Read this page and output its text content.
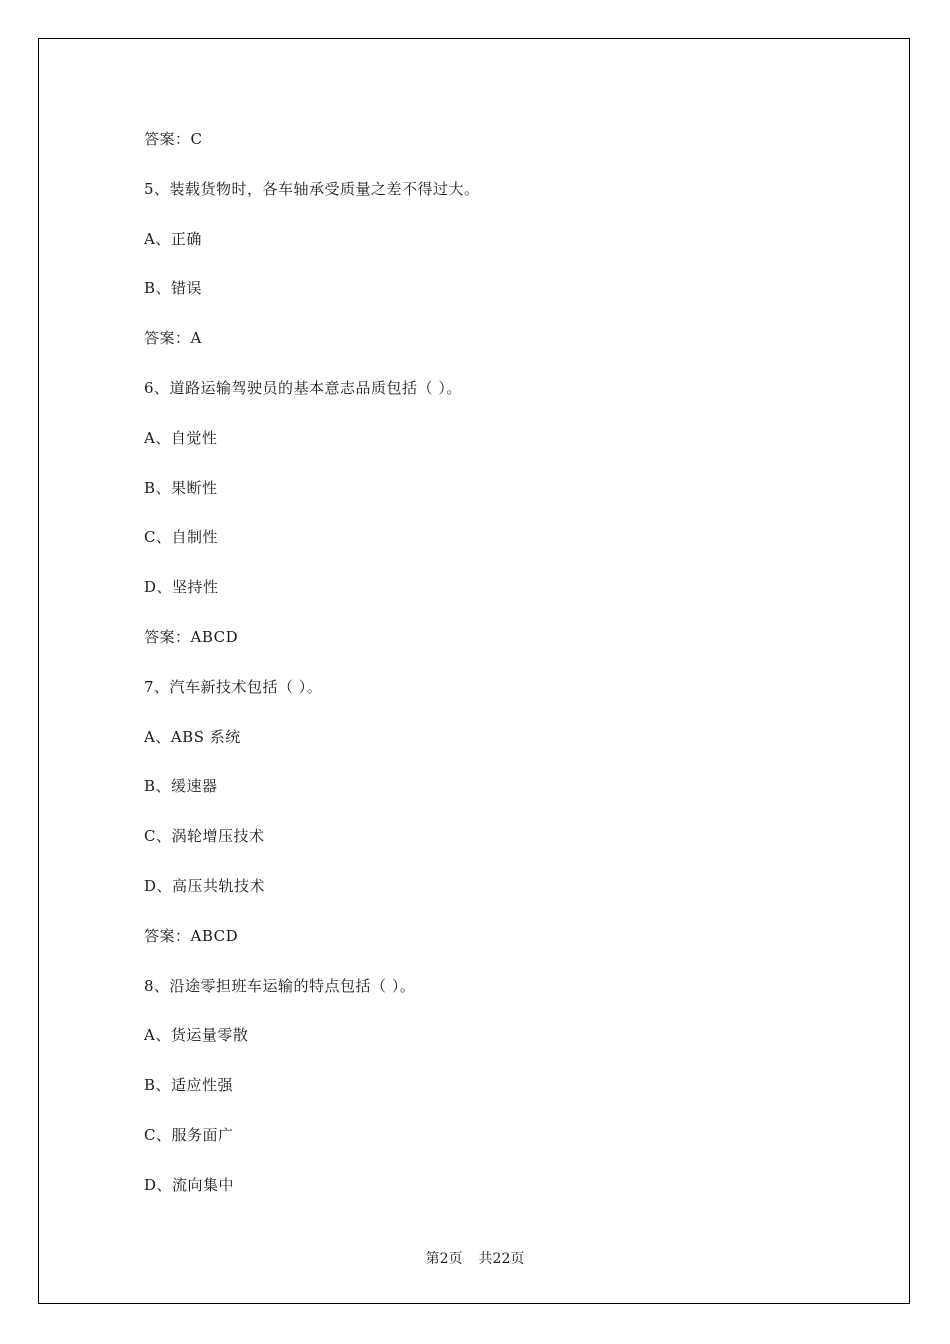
答案：C
5、装载货物时，各车轴承受质量之差不得过大。
A、正确
B、错误
答案：A
6、道路运输驾驶员的基本意志品质包括（ ）。
A、自觉性
B、果断性
C、自制性
D、坚持性
答案：ABCD
7、汽车新技术包括（ ）。
A、ABS 系统
B、缓速器
C、涡轮增压技术
D、高压共轨技术
答案：ABCD
8、沿途零担班车运输的特点包括（ ）。
A、货运量零散
B、适应性强
C、服务面广
D、流向集中
第2页 共22页
